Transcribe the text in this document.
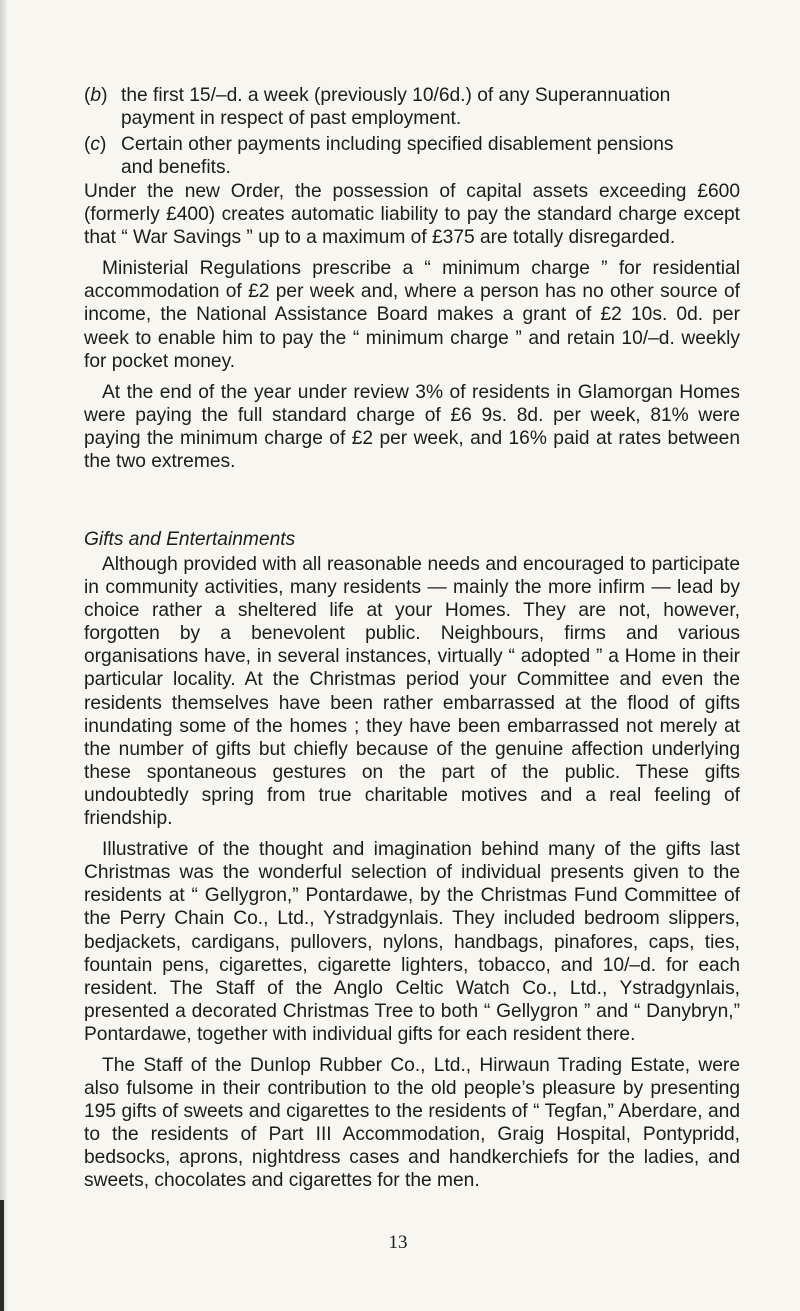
(b) the first 15/–d. a week (previously 10/6d.) of any Superannuation
payment in respect of past employment.
(c) Certain other payments including specified disablement pensions
and benefits.

Under the new Order, the possession of capital assets exceeding £600 (formerly £400) creates automatic liability to pay the standard charge except that “ War Savings ” up to a maximum of £375 are totally disregarded.

Ministerial Regulations prescribe a “ minimum charge ” for residential accommodation of £2 per week and, where a person has no other source of income, the National Assistance Board makes a grant of £2 10s. 0d. per week to enable him to pay the “ minimum charge ” and retain 10/–d. weekly for pocket money.

At the end of the year under review 3% of residents in Glamorgan Homes were paying the full standard charge of £6 9s. 8d. per week, 81% were paying the minimum charge of £2 per week, and 16% paid at rates between the two extremes.

Gifts and Entertainments

Although provided with all reasonable needs and encouraged to participate in community activities, many residents — mainly the more infirm — lead by choice rather a sheltered life at your Homes. They are not, however, forgotten by a benevolent public. Neighbours, firms and various organisations have, in several instances, virtually “ adopted ” a Home in their particular locality. At the Christmas period your Committee and even the residents themselves have been rather embarrassed at the flood of gifts inundating some of the homes ; they have been embarrassed not merely at the number of gifts but chiefly because of the genuine affection underlying these spontaneous gestures on the part of the public. These gifts undoubtedly spring from true charitable motives and a real feeling of friendship.

Illustrative of the thought and imagination behind many of the gifts last Christmas was the wonderful selection of individual presents given to the residents at “ Gellygron,” Pontardawe, by the Christmas Fund Committee of the Perry Chain Co., Ltd., Ystradgynlais. They included bedroom slippers, bedjackets, cardigans, pullovers, nylons, handbags, pinafores, caps, ties, fountain pens, cigarettes, cigarette lighters, tobacco, and 10/–d. for each resident. The Staff of the Anglo Celtic Watch Co., Ltd., Ystradgynlais, presented a decorated Christmas Tree to both “ Gellygron ” and “ Danybryn,” Pontardawe, together with individual gifts for each resident there.

The Staff of the Dunlop Rubber Co., Ltd., Hirwaun Trading Estate, were also fulsome in their contribution to the old people’s pleasure by presenting 195 gifts of sweets and cigarettes to the residents of “ Tegfan,” Aberdare, and to the residents of Part III Accommodation, Graig Hospital, Pontypridd, bedsocks, aprons, nightdress cases and handkerchiefs for the ladies, and sweets, chocolates and cigarettes for the men.

13
